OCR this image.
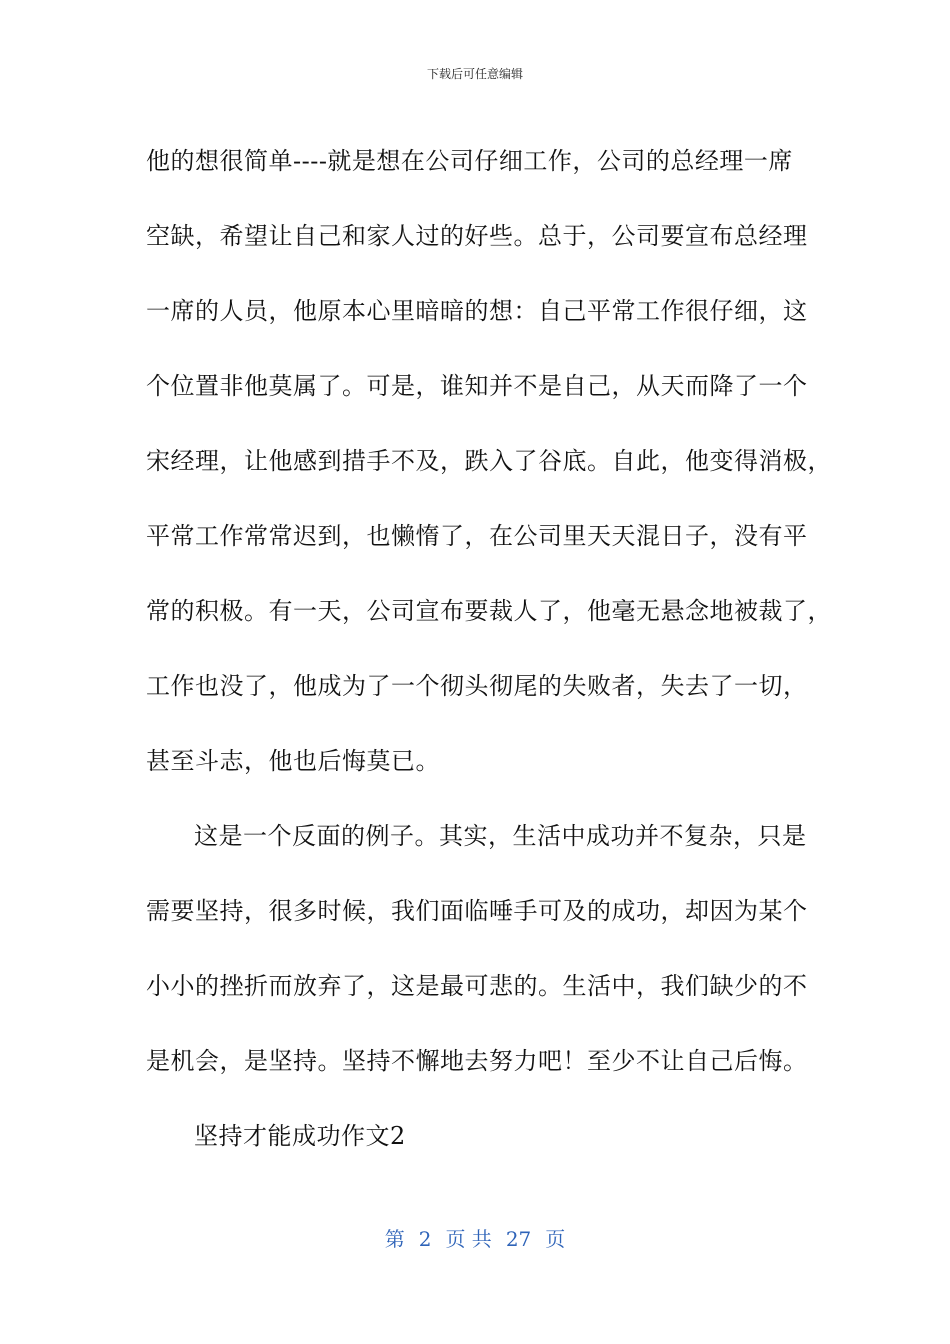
下载后可任意编辑
他的想很简单----就是想在公司仔细工作，公司的总经理一席
空缺，希望让自己和家人过的好些。总于，公司要宣布总经理
一席的人员，他原本心里暗暗的想：自己平常工作很仔细，这
个位置非他莫属了。可是，谁知并不是自己，从天而降了一个
宋经理，让他感到措手不及，跌入了谷底。自此，他变得消极，
平常工作常常迟到，也懒惰了，在公司里天天混日子，没有平
常的积极。有一天，公司宣布要裁人了，他毫无悬念地被裁了，
工作也没了，他成为了一个彻头彻尾的失败者，失去了一切，
甚至斗志，他也后悔莫已。
这是一个反面的例子。其实，生活中成功并不复杂，只是
需要坚持，很多时候，我们面临唾手可及的成功，却因为某个
小小的挫折而放弃了，这是最可悲的。生活中，我们缺少的不
是机会，是坚持。坚持不懈地去努力吧！至少不让自己后悔。
坚持才能成功作文2
第 2 页 共 27 页
